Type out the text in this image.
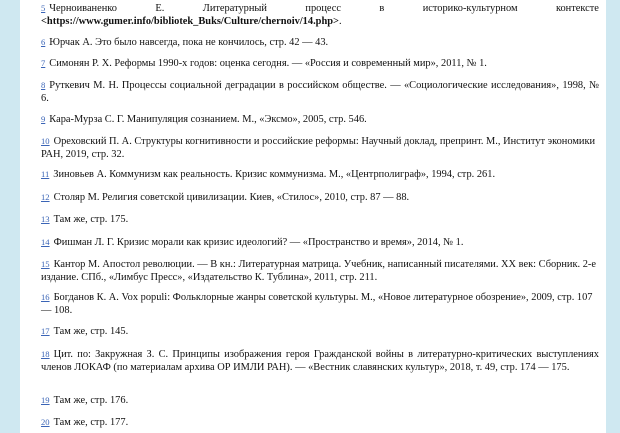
5 Черноиваненко	Е.	Литературный	процесс	в	историко-культурном	контексте
<https://www.gumer.info/bibliotek_Buks/Culture/chernoiv/14.php>.

6 Юрчак А. Это было навсегда, пока не кончилось, стр. 42 — 43.

7 Симонян Р. Х. Реформы 1990-х годов: оценка сегодня. — «Россия и современный мир», 2011, № 1.

8 Руткевич М. Н. Процессы социальной деградации в российском обществе. — «Социологические исследования», 1998, № 6.

9 Кара-Мурза С. Г. Манипуляция сознанием. М., «Эксмо», 2005, стр. 546.

10 Ореховский П. А. Структуры когнитивности и российские реформы: Научный доклад, препринт. М., Институт экономики РАН, 2019, стр. 32.

11 Зиновьев А. Коммунизм как реальность. Кризис коммунизма. М., «Центрполиграф», 1994, стр. 261.

12 Столяр М. Религия советской цивилизации. Киев, «Стилос», 2010, стр. 87 — 88.

13 Там же, стр. 175.

14 Фишман Л. Г. Кризис морали как кризис идеологий? — «Пространство и время», 2014, № 1.

15 Кантор М. Апостол революции. — В кн.: Литературная матрица. Учебник, написанный писателями. XX век: Сборник. 2-е издание. СПб., «Лимбус Пресс», «Издательство К. Тублина», 2011, стр. 211.

16 Богданов К. А. Vox populi: Фольклорные жанры советской культуры. М., «Новое литературное обозрение», 2009, стр. 107 — 108.

17 Там же, стр. 145.

18 Цит. по: Закружная З. С. Принципы изображения героя Гражданской войны в литературно-критических выступлениях членов ЛОКАФ (по материалам архива ОР ИМЛИ РАН). — «Вестник славянских культур», 2018, т. 49, стр. 174 — 175.

19 Там же, стр. 176.

20 Там же, стр. 177.
